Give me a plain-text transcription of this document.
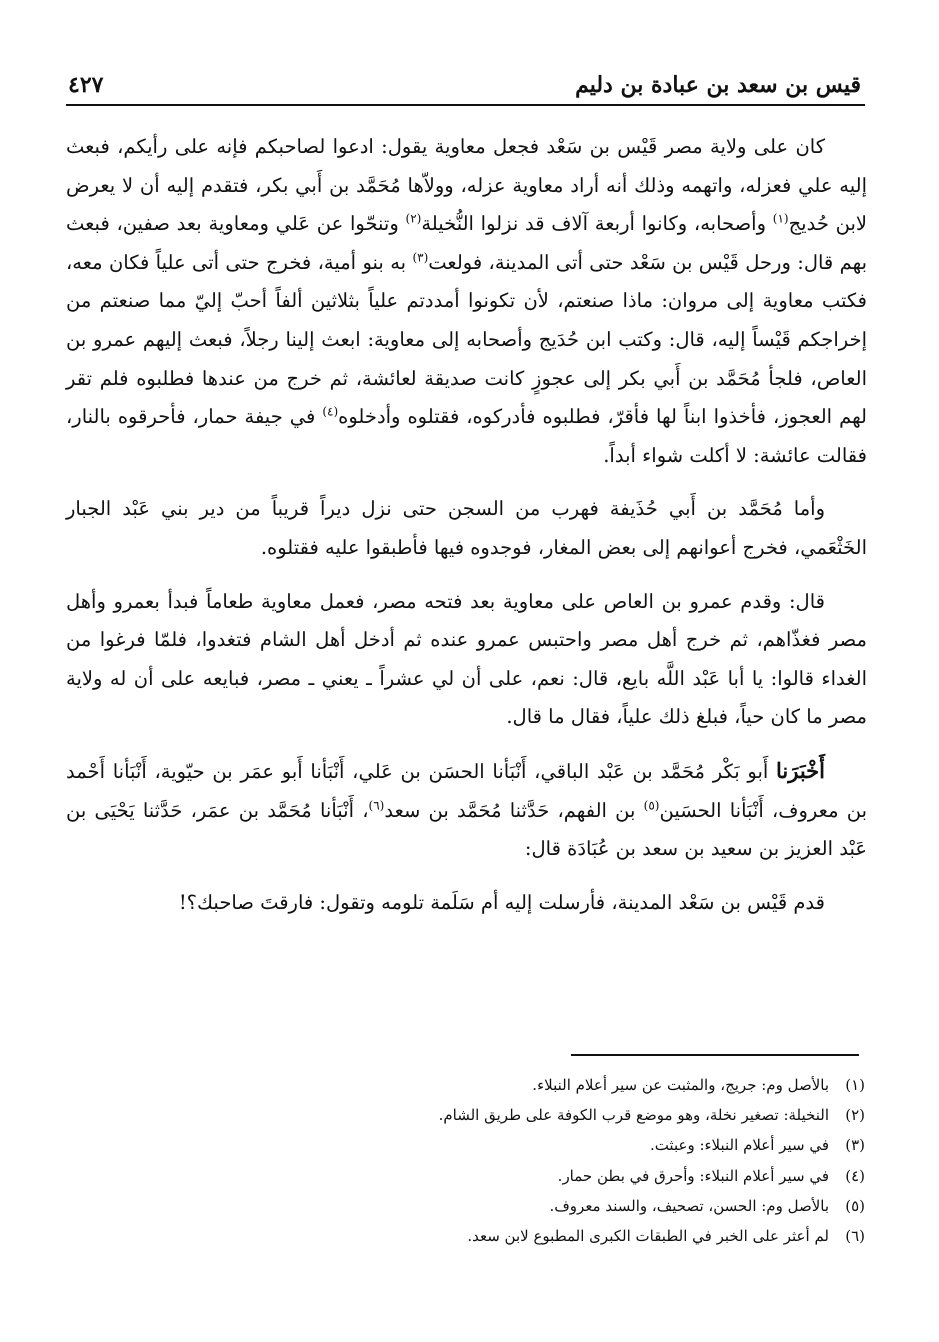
قيس بن سعد بن عبادة بن دليم
٤٢٧

كان على ولاية مصر قَيْس بن سَعْد فجعل معاوية يقول: ادعوا لصاحبكم فإنه على رأيكم، فبعث إليه علي فعزله، واتهمه وذلك أنه أراد معاوية عزله، وولاّها مُحَمَّد بن أَبي بكر، فتقدم إليه أن لا يعرض لابن حُديج$^{(١)}$ وأصحابه، وكانوا أربعة آلاف قد نزلوا النُّخيلة$^{(٢)}$ وتنحّوا عن عَلي ومعاوية بعد صفين، فبعث بهم قال: ورحل قَيْس بن سَعْد حتى أتى المدينة، فولعت$^{(٣)}$ به بنو أمية، فخرج حتى أتى علياً فكان معه، فكتب معاوية إلى مروان: ماذا صنعتم، لأن تكونوا أمددتم علياً بثلاثين ألفاً أحبّ إليّ مما صنعتم من إخراجكم قَيْساً إليه، قال: وكتب ابن حُدَيج وأصحابه إلى معاوية: ابعث إلينا رجلاً، فبعث إليهم عمرو بن العاص، فلجأ مُحَمَّد بن أَبي بكر إلى عجوزٍ كانت صديقة لعائشة، ثم خرج من عندها فطلبوه فلم تقر لهم العجوز، فأخذوا ابناً لها فأقرّ، فطلبوه فأدركوه، فقتلوه وأدخلوه$^{(٤)}$ في جيفة حمار، فأحرقوه بالنار، فقالت عائشة: لا أكلت شواء أبداً.

وأما مُحَمَّد بن أَبي حُذَيفة فهرب من السجن حتى نزل ديراً قريباً من دير بني عَبْد الجبار الخَثْعَمي، فخرج أعوانهم إلى بعض المغار، فوجدوه فيها فأطبقوا عليه فقتلوه.

قال: وقدم عمرو بن العاص على معاوية بعد فتحه مصر، فعمل معاوية طعاماً فبدأ بعمرو وأهل مصر فغذّاهم، ثم خرج أهل مصر واحتبس عمرو عنده ثم أدخل أهل الشام فتغدوا، فلمّا فرغوا من الغداء قالوا: يا أبا عَبْد اللَّه بايع، قال: نعم، على أن لي عشراً ـ يعني ـ مصر، فبايعه على أن له ولاية مصر ما كان حياً، فبلغ ذلك علياً، فقال ما قال.

أَخْبَرَنا أَبو بَكْر مُحَمَّد بن عَبْد الباقي، أَنْبَأنا الحسَن بن عَلي، أَنْبَأنا أَبو عمَر بن حيّوية، أَنْبَأنا أَحْمد بن معروف، أَنْبَأنا الحسَين$^{(٥)}$ بن الفهم، حَدَّثنا مُحَمَّد بن سعد$^{(٦)}$، أَنْبَأنا مُحَمَّد بن عمَر، حَدَّثنا يَحْيَى بن عَبْد العزيز بن سعيد بن سعد بن عُبَادَة قال:

قدم قَيْس بن سَعْد المدينة، فأرسلت إليه أم سَلَمة تلومه وتقول: فارقتَ صاحبك؟!

(١)
بالأصل وم: جريج، والمثبت عن سير أعلام النبلاء.
(٢)
النخيلة: تصغير نخلة، وهو موضع قرب الكوفة على طريق الشام.
(٣)
في سير أعلام النبلاء: وعبثت.
(٤)
في سير أعلام النبلاء: وأحرق في بطن حمار.
(٥)
بالأصل وم: الحسن، تصحيف، والسند معروف.
(٦)
لم أعثر على الخبر في الطبقات الكبرى المطبوع لابن سعد.
